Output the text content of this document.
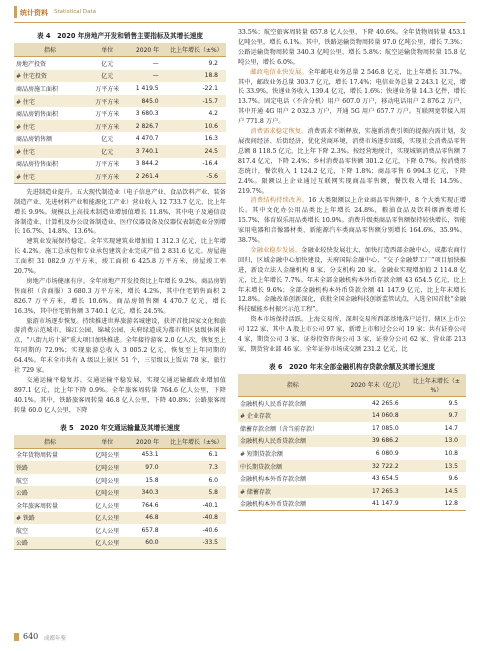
统计资料 Statistical Data
表 4　2020 年房地产开发和销售主要指标及其增长速度
指标	单位	2020 年	比上年增长（±%）
房地产投资	亿元	—	9.2
# 住宅投资	亿元	—	18.8
商品房施工面积	万平方米	1 419.5	-22.1
# 住宅	万平方米	845.0	-15.7
商品房销售面积	万平方米	3 680.3	4.2
# 住宅	万平方米	2 826.7	10.6
商品房销售额	亿元	4 470.7	16.3
# 住宅	亿元	3 740.1	24.5
商品房待售面积	万平方米	3 844.2	-16.4
# 住宅	万平方米	2 261.4	-5.6

先进制造业提升。五大现代制造业（电子信息产业、食品饮料产业、装备制造产业、先进材料产业和能源化工产业）营业收入 12 733.7 亿元，比上年增长 9.9%。规模以上高技术制造业增加值增长 11.8%，其中电子及通信设备制造业、计算机及办公设备制造业、医疗仪器设备及仪器仪表制造业分别增长 16.7%、14.8%、13.6%。

建筑业发展保持稳定。全年实现建筑业增加值 1 312.3 亿元，比上年增长 4.2%。施工总承包和专业承包建筑企业完成产值 2 831.6 亿元。房屋施工面积 31 082.9 万平方米，竣工面积 6 425.8 万平方米，房屋竣工率 20.7%。

房地产市场健康有序。全年房地产开发投资比上年增长 9.2%。商品房销售面积（含商服）3 680.3 万平方米，增长 4.2%，其中住宅销售面积 2 826.7 万平方米，增长 10.6%。商品房销售额 4 470.7 亿元，增长 16.3%，其中住宅销售额 3 740.1 亿元，增长 24.5%。

旅游市场逐步恢复。持续推进世界旅游名城建设，获评首批国家文化和旅游消费示范城市，锦江公园、锦城公园、天府绿道成为都市和区县级休闲景点，“八街九坊十景”重大项目加快推进。全年接待游客 2.0 亿人次，恢复至上年同期的 72.9%；实现旅游总收入 3 005.2 亿元，恢复至上年同期的 64.4%。年末全市共有 A 级以上景区 51 个，三星级以上饭店 78 家，旅行社 729 家。

交通运输平稳复苏。交通运输平稳发展，实现交通运输邮政业增加值 897.1 亿元，比上年下降 0.9%。全年旅客周转量 764.6 亿人公里，下降 40.1%。其中，铁路旅客周转量 46.8 亿人公里，下降 40.8%；公路旅客周转量 60.0 亿人公里，下降

表 5　2020 年交通运输量及其增长速度
指标	单位	2020 年	比上年增长（±%）
全年货物周转量	亿吨公里	453.1	6.1
铁路	亿吨公里	97.0	7.3
航空	亿吨公里	15.8	6.0
公路	亿吨公里	340.3	5.8
全年旅客周转量	亿人公里	764.6	-40.1
# 铁路	亿人公里	46.8	-40.8
航空	亿人公里	657.8	-40.6
公路	亿人公里	60.0	-33.5

33.5%；航空旅客周转量 657.8 亿人公里，下降 40.6%。全年货物周转量 453.1 亿吨公里，增长 6.1%。其中，铁路运输货物周转量 97.0 亿吨公里，增长 7.3%；公路运输货物周转量 340.3 亿吨公里，增长 5.8%；航空运输货物周转量 15.8 亿吨公里，增长 6.0%。

邮政电信业快发展。全年邮电业务总量 2 546.8 亿元，比上年增长 31.7%。其中，邮政业务总量 303.7 亿元，增长 17.4%；电信业务总量 2 243.1 亿元，增长 33.9%。快递业务收入 139.4 亿元，增长 1.6%；快递业务量 14.3 亿件，增长 13.7%。固定电话（不含分机）用户 607.0 万户，移动电话用户 2 876.2 万户，其中开通 4G 用户 2 032.3 万户，开通 5G 用户 657.7 万户。互联网宽带接入用户 771.8 万户。

消费需求稳定恢复。消费需求不断释放，实施新消费引领的提振内需计划，发展夜间经济、后街经济，优化营商环境，消费市场逐步回暖，实现社会消费品零售总额 8 118.5 亿元，比上年下降 2.3%。按经营地统计，实现城镇消费品零售额 7 817.4 亿元，下降 2.4%；乡村消费品零售额 301.2 亿元，下降 0.7%。按消费形态统计，餐饮收入 1 124.2 亿元，下降 1.8%；商品零售 6 994.3 亿元，下降 2.4%。限额以上企业通过互联网实现商品零售额，餐饮收入增长 14.5%、219.7%。

消费结构持续改善。16 大类限额以上企业商品零售额中，8 个大类实现正增长。其中文化办公用品类比上年增长 24.8%，粮油食品及饮料烟酒类增长 15.7%，体育娱乐用品类增长 10.9%。消费升级类商品零售额保持较快增长，智能家用电器和音像器材类、新能源汽车类商品零售额分别增长 164.6%、35.9%、38.7%。

金融业稳步发展。金融业较快发展壮大，加快打造西部金融中心，成都农商行回归，区域金融中心加快建设，天府国际金融中心、“交子金融梦工厂”项目加快推进，新设立法人金融机构 8 家、分支机构 20 家。金融业实现增加值 2 114.8 亿元，比上年增长 7.7%。年末全部金融机构本外币存款余额 43 654.5 亿元，比上年末增长 9.6%；全部金融机构本外币贷款余额 41 147.9 亿元，比上年末增长 12.8%。金融改革创新深化，获批全国金融科技创新监管试点，入选全国首批“金融科技赋能乡村振兴示范工程”。

资本市场保持活跃。上海交易所、深圳交易所西部基地落户运行，辖区上市公司 122 家，其中 A 股上市公司 97 家，新增上市和过会公司 19 家；共有证券公司 4 家，期货公司 3 家，证券投资咨询公司 3 家，证券分公司 62 家、营业部 213 家，期货营业部 46 家。全年证券市场成交额 231.2 亿元，比

表 6　2020 年末全部金融机构存贷款余额及其增长速度
指标	2020 年末（亿元）	比上年末增长（±%）
金融机构人民币存款余额	42 265.6	9.5
# 企业存款	14 060.8	9.7
储蓄存款余额（含当前存款）	17 085.0	14.7
金融机构人民币贷款余额	39 686.2	13.0
# 短期贷款余额	6 080.9	10.8
中长期贷款余额	32 722.2	13.5
金融机构本外币存款余额	43 654.5	9.6
# 储蓄存款	17 265.3	14.5
金融机构本外币贷款余额	41 147.9	12.8
640 成都年鉴
